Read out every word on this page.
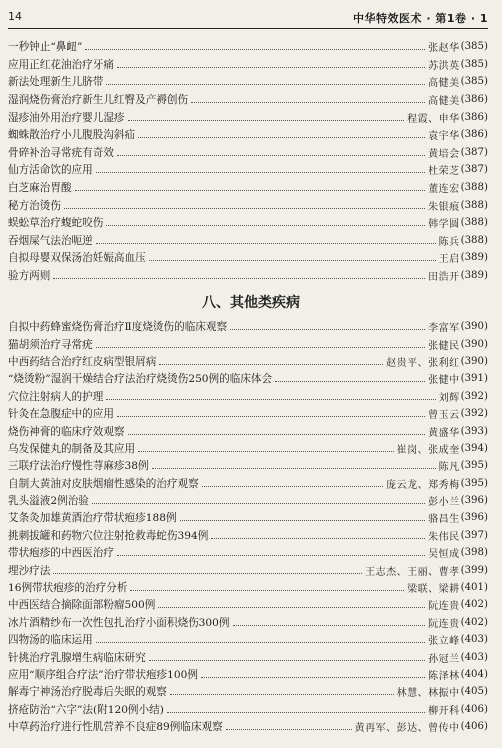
14	中华特效医术 · 第1卷 · 1
一秒钟止“鼻衄”	张赵华 (385)
应用正红花油治疗牙痛	苏洪英 (385)
新法处理新生儿脐带	高健美 (385)
湿润烧伤膏治疗新生儿红臀及产褥创伤	高健美 (386)
湿疹油外用治疗婴儿湿疹	程霞、申华 (386)
蜘蛛散治疗小儿腹股沟斜疝	袁宇华 (386)
骨碎补治寻常疣有奇效	黄培会 (387)
仙方活命饮的应用	杜荣芝 (387)
白芝麻治胃酸	董连宏 (388)
秘方治烫伤	朱银痕 (388)
蜈蚣草治疗蝮蛇咬伤	韩学圆 (388)
吞烟屎气法治呃逆	陈兵 (388)
自拟母婴双保汤治妊娠高血压	王启 (389)
验方两则	田浩开 (389)
八、其他类疾病
自拟中药蜂蜜烧伤膏治疗Ⅱ度烧烫伤的临床观察	李富军 (390)
猫胡须治疗寻常疣	张健民 (390)
中西药结合治疗红皮病型银屑病	赵贵平、张利红 (390)
“烧烫粉”湿润干燥结合疗法治疗烧烫伤250例的临床体会	张健中 (391)
穴位注射病人的护理	刘辉 (392)
针灸在急腹症中的应用	曾玉云 (392)
烧伤神膏的临床疗效观察	黄盛华 (393)
乌发保健丸的制备及其应用	崔岗、张成奎 (394)
三联疗法治疗慢性荨麻疹38例	陈凡 (395)
自制大黄油对皮肤烟瘤性感染的治疗观察	庞云龙、郑秀梅 (395)
乳头溢液2例治验	彭小兰 (396)
艾条灸加雄黄酒治疗带状疱疹188例	骆昌生 (396)
挑刺拔罐和药物穴位注射抢救毒蛇伤394例	朱伟民 (397)
带状疱疹的中西医治疗	吴恒成 (398)
埋沙疗法	王志杰、王丽、曹孝 (399)
16例带状疱疹的治疗分析	梁联、梁耕 (401)
中西医结合摘除面部粉瘤500例	阮连贵 (402)
冰片酒精纱布一次性包扎治疗小面积烧伤300例	阮连贵 (402)
四物汤的临床运用	张立峰 (403)
针挑治疗乳腺增生病临床研究	孙冠兰 (403)
应用“顺序组合疗法”治疗带状疱疹100例	陈泽林 (404)
解毒宁神汤治疗脱毒后失眠的观察	林慧、林振中 (405)
挤疮防治“六字”法(附120例小结)	柳开科 (406)
中草药治疗进行性肌营养不良症89例临床观察	黄再军、彭达、曾传中 (406)
